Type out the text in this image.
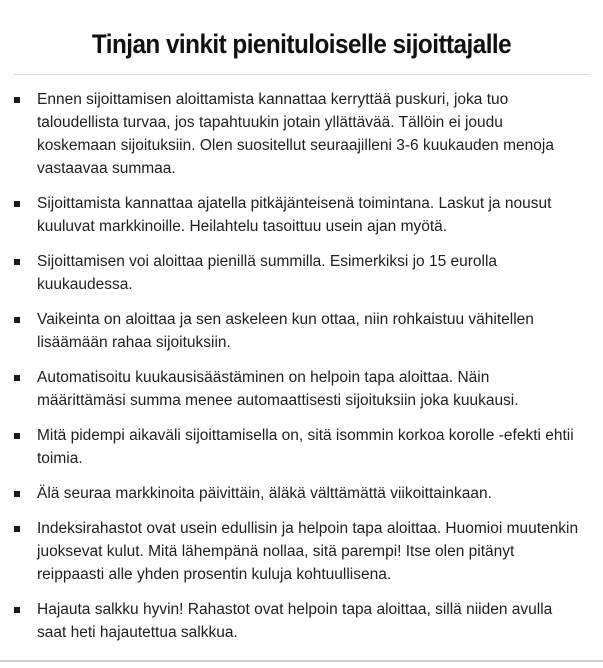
Tinjan vinkit pienituloiselle sijoittajalle
Ennen sijoittamisen aloittamista kannattaa kerryttää puskuri, joka tuo taloudellista turvaa, jos tapahtuukin jotain yllättävää. Tällöin ei joudu koskemaan sijoituksiin. Olen suositellut seuraajilleni 3-6 kuukauden menoja vastaavaa summaa.
Sijoittamista kannattaa ajatella pitkäjänteisenä toimintana. Laskut ja nousut kuuluvat markkinoille. Heilahtelu tasoittuu usein ajan myötä.
Sijoittamisen voi aloittaa pienillä summilla. Esimerkiksi jo 15 eurolla kuukaudessa.
Vaikeinta on aloittaa ja sen askeleen kun ottaa, niin rohkaistuu vähitellen lisäämään rahaa sijoituksiin.
Automatisoitu kuukausisäästäminen on helpoin tapa aloittaa. Näin määrittämäsi summa menee automaattisesti sijoituksiin joka kuukausi.
Mitä pidempi aikaväli sijoittamisella on, sitä isommin korkoa korolle -efekti ehtii toimia.
Älä seuraa markkinoita päivittäin, äläkä välttämättä viikoittainkaan.
Indeksirahastot ovat usein edullisin ja helpoin tapa aloittaa. Huomioi muutenkin juoksevat kulut. Mitä lähempänä nollaa, sitä parempi! Itse olen pitänyt reippaasti alle yhden prosentin kuluja kohtuullisena.
Hajauta salkku hyvin! Rahastot ovat helpoin tapa aloittaa, sillä niiden avulla saat heti hajautettua salkkua.
